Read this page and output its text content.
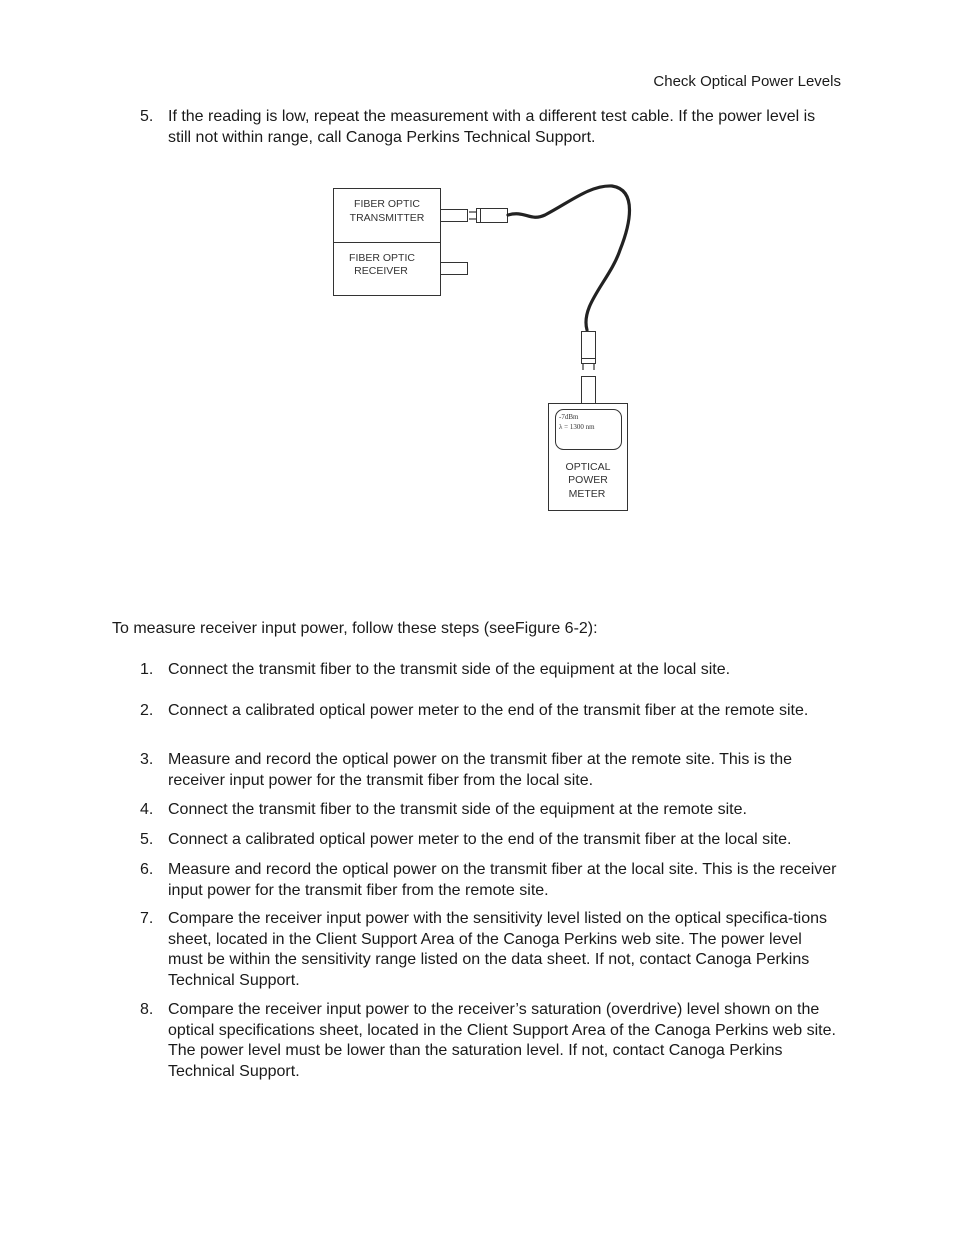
Check Optical Power Levels
5. If the reading is low, repeat the measurement with a different test cable. If the power level is still not within range, call Canoga Perkins Technical Support.
FIBER OPTIC
TRANSMITTER
FIBER OPTIC
RECEIVER
-7dBm
λ = 1300 nm
OPTICAL
POWER
METER
To measure receiver input power, follow these steps (seeFigure 6-2):
1. Connect the transmit fiber to the transmit side of the equipment at the local site.
2. Connect a calibrated optical power meter to the end of the transmit fiber at the remote site.
3. Measure and record the optical power on the transmit fiber at the remote site. This is the receiver input power for the transmit fiber from the local site.
4. Connect the transmit fiber to the transmit side of the equipment at the remote site.
5. Connect a calibrated optical power meter to the end of the transmit fiber at the local site.
6. Measure and record the optical power on the transmit fiber at the local site. This is the receiver input power for the transmit fiber from the remote site.
7. Compare the receiver input power with the sensitivity level listed on the optical specifica-tions sheet, located in the Client Support Area of the Canoga Perkins web site. The power level must be within the sensitivity range listed on the data sheet. If not, contact Canoga Perkins Technical Support.
8. Compare the receiver input power to the receiver’s saturation (overdrive) level shown on the optical specifications sheet, located in the Client Support Area of the Canoga Perkins web site. The power level must be lower than the saturation level. If not, contact Canoga Perkins Technical Support.
